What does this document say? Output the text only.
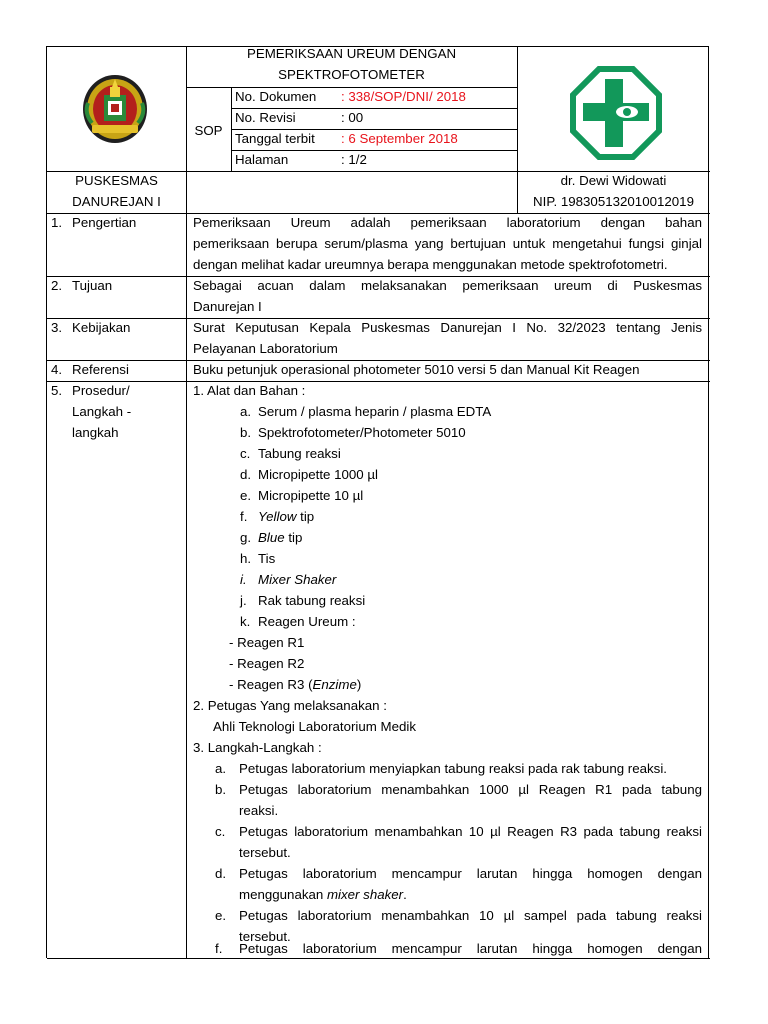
PEMERIKSAAN UREUM DENGAN
SPEKTROFOTOMETER
SOP
No. Dokumen : 338/SOP/DNI/ 2018
No. Revisi	: 00
Tanggal terbit : 6 September 2018
Halaman	: 1/2
PUSKESMAS
DANUREJAN I
dr. Dewi Widowati
NIP. 198305132010012019
1. Pengertian	Pemeriksaan Ureum adalah pemeriksaan laboratorium dengan bahan
pemeriksaan berupa serum/plasma yang bertujuan untuk mengetahui fungsi ginjal
dengan melihat kadar ureumnya berapa menggunakan metode spektrofotometri.
2. Tujuan	Sebagai acuan dalam melaksanakan pemeriksaan ureum di Puskesmas
Danurejan I
3. Kebijakan	Surat Keputusan Kepala Puskesmas Danurejan I No. 32/2023 tentang Jenis
Pelayanan Laboratorium
4. Referensi	Buku petunjuk operasional photometer 5010 versi 5 dan Manual Kit Reagen
5. Prosedur/
Langkah -
langkah
1. Alat dan Bahan :
a. Serum / plasma heparin / plasma EDTA
b. Spektrofotometer/Photometer 5010
c. Tabung reaksi
d. Micropipette 1000 µl
e. Micropipette 10 µl
f. Yellow tip
g. Blue tip
h. Tis
i. Mixer Shaker
j. Rak tabung reaksi
k. Reagen Ureum :
- Reagen R1
- Reagen R2
- Reagen R3 (Enzime)
2. Petugas Yang melaksanakan :
Ahli Teknologi Laboratorium Medik
3. Langkah-Langkah :
a. Petugas laboratorium menyiapkan tabung reaksi pada rak tabung reaksi.
b. Petugas laboratorium menambahkan 1000 µl Reagen R1 pada tabung
reaksi.
c. Petugas laboratorium menambahkan 10 µl Reagen R3 pada tabung reaksi
tersebut.
d. Petugas laboratorium mencampur larutan hingga homogen dengan
menggunakan mixer shaker.
e. Petugas laboratorium menambahkan 10 µl sampel pada tabung reaksi
tersebut.
f. Petugas laboratorium mencampur larutan hingga homogen dengan
